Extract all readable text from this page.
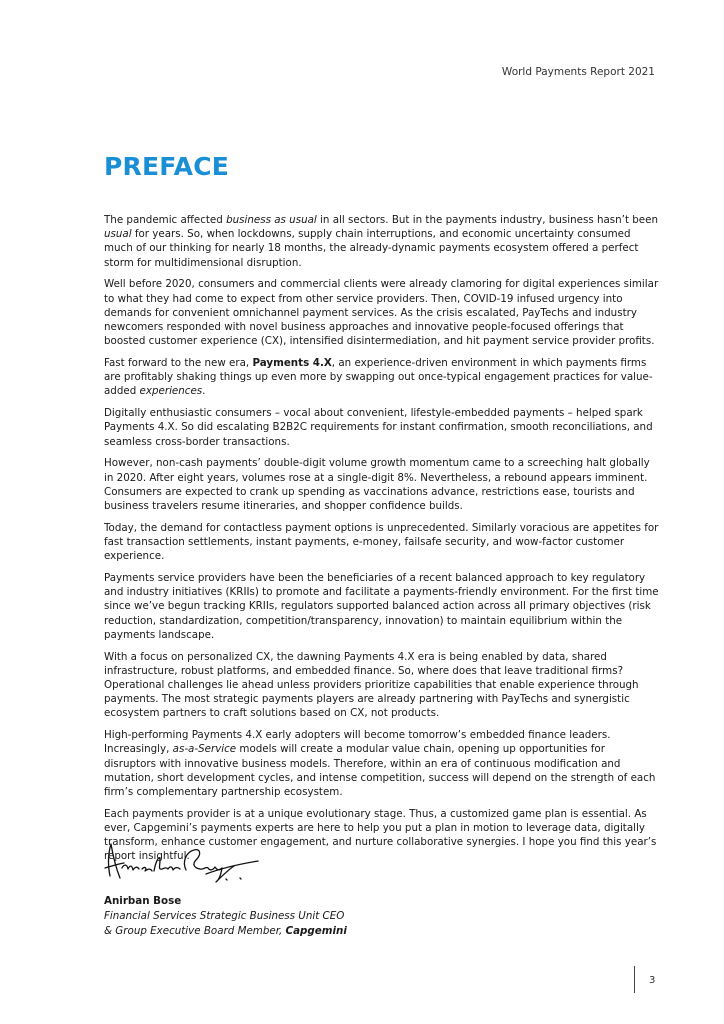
World Payments Report 2021
PREFACE

The pandemic affected business as usual in all sectors. But in the payments industry, business hasn’t been usual for years. So, when lockdowns, supply chain interruptions, and economic uncertainty consumed much of our thinking for nearly 18 months, the already-dynamic payments ecosystem offered a perfect storm for multidimensional disruption.

Well before 2020, consumers and commercial clients were already clamoring for digital experiences similar to what they had come to expect from other service providers. Then, COVID-19 infused urgency into demands for convenient omnichannel payment services. As the crisis escalated, PayTechs and industry newcomers responded with novel business approaches and innovative people-focused offerings that boosted customer experience (CX), intensified disintermediation, and hit payment service provider profits.

Fast forward to the new era, Payments 4.X, an experience-driven environment in which payments firms are profitably shaking things up even more by swapping out once-typical engagement practices for value-added experiences.

Digitally enthusiastic consumers – vocal about convenient, lifestyle-embedded payments – helped spark Payments 4.X. So did escalating B2B2C requirements for instant confirmation, smooth reconciliations, and seamless cross-border transactions.

However, non-cash payments’ double-digit volume growth momentum came to a screeching halt globally in 2020. After eight years, volumes rose at a single-digit 8%. Nevertheless, a rebound appears imminent. Consumers are expected to crank up spending as vaccinations advance, restrictions ease, tourists and business travelers resume itineraries, and shopper confidence builds.

Today, the demand for contactless payment options is unprecedented. Similarly voracious are appetites for fast transaction settlements, instant payments, e-money, failsafe security, and wow-factor customer experience.

Payments service providers have been the beneficiaries of a recent balanced approach to key regulatory and industry initiatives (KRIIs) to promote and facilitate a payments-friendly environment. For the first time since we’ve begun tracking KRIIs, regulators supported balanced action across all primary objectives (risk reduction, standardization, competition/transparency, innovation) to maintain equilibrium within the payments landscape.

With a focus on personalized CX, the dawning Payments 4.X era is being enabled by data, shared infrastructure, robust platforms, and embedded finance. So, where does that leave traditional firms? Operational challenges lie ahead unless providers prioritize capabilities that enable experience through payments. The most strategic payments players are already partnering with PayTechs and synergistic ecosystem partners to craft solutions based on CX, not products.

High-performing Payments 4.X early adopters will become tomorrow’s embedded finance leaders. Increasingly, as-a-Service models will create a modular value chain, opening up opportunities for disruptors with innovative business models. Therefore, within an era of continuous modification and mutation, short development cycles, and intense competition, success will depend on the strength of each firm’s complementary partnership ecosystem.

Each payments provider is at a unique evolutionary stage. Thus, a customized game plan is essential. As ever, Capgemini’s payments experts are here to help you put a plan in motion to leverage data, digitally transform, enhance customer engagement, and nurture collaborative synergies. I hope you find this year’s report insightful.

Anirban Bose
Financial Services Strategic Business Unit CEO
& Group Executive Board Member, Capgemini
3
